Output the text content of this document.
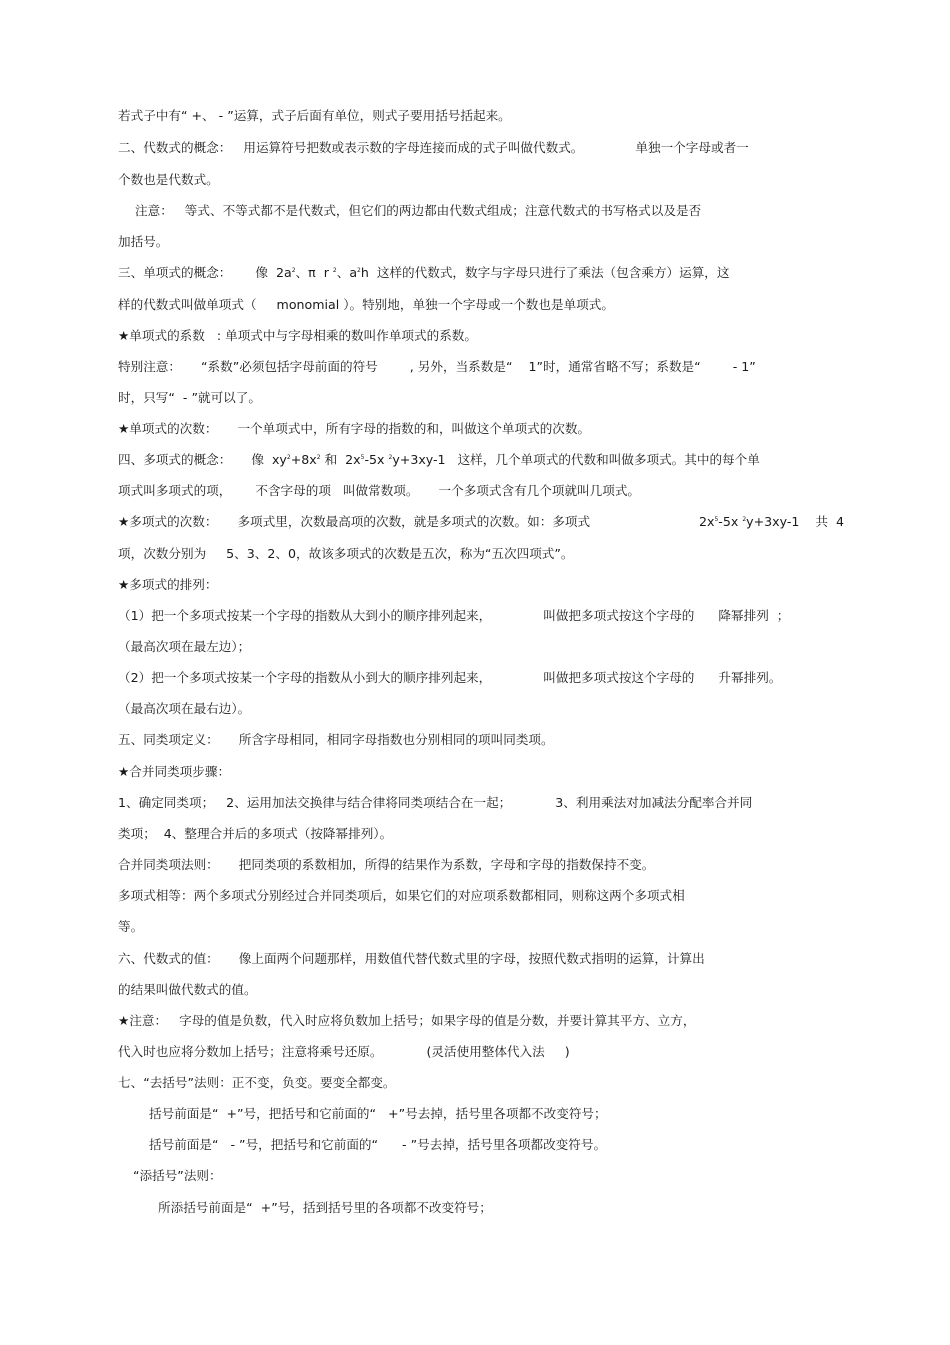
若式子中有“ +、 - ”运算，式子后面有单位，则式子要用括号括起来。
二、代数式的概念：   用运算符号把数或表示数的字母连接而成的式子叫做代数式。             单独一个字母或者一
个数也是代数式。
注意：   等式、不等式都不是代数式，但它们的两边都由代数式组成；注意代数式的书写格式以及是否
加括号。
三、单项式的概念：      像  $2a^2$、π  r $^2$、$a^2h$  这样的代数式，数字与字母只进行了乘法（包含乘方）运算，这
样的代数式叫做单项式（     monomial ）。特别地，单独一个字母或一个数也是单项式。
★单项式的系数   : 单项式中与字母相乘的数叫作单项式的系数。
特别注意：     “系数”必须包括字母前面的符号        , 另外，当系数是“    1”时，通常省略不写；系数是“        - 1”
时，只写“  - ”就可以了。
★单项式的次数：     一个单项式中，所有字母的指数的和，叫做这个单项式的次数。
四、多项式的概念：     像  $xy^2+8x^2$ 和  $2x^5-5x$ $^2$y+3xy-1   这样，几个单项式的代数和叫做多项式。其中的每个单
项式叫多项式的项，      不含字母的项   叫做常数项。     一个多项式含有几个项就叫几项式。
★多项式的次数：     多项式里，次数最高项的次数，就是多项式的次数。如：多项式	$2x^5-5x$ $^2$y+3xy-1    共  4
项，次数分别为     5、3、2、0，故该多项式的次数是五次，称为“五次四项式”。
★多项式的排列：
（1）把一个多项式按某一个字母的指数从大到小的顺序排列起来，             叫做把多项式按这个字母的      降幂排列  ；
（最高次项在最左边）；
（2）把一个多项式按某一个字母的指数从小到大的顺序排列起来，             叫做把多项式按这个字母的      升幂排列。
（最高次项在最右边）。
五、同类项定义：     所含字母相同，相同字母指数也分别相同的项叫同类项。
★合并同类项步骤：
1、确定同类项；   2、运用加法交换律与结合律将同类项结合在一起；           3、利用乘法对加减法分配率合并同
类项；  4、整理合并后的多项式（按降幂排列）。
合并同类项法则：     把同类项的系数相加，所得的结果作为系数，字母和字母的指数保持不变。
多项式相等：两个多项式分别经过合并同类项后，如果它们的对应项系数都相同，则称这两个多项式相
等。
六、代数式的值：     像上面两个问题那样，用数值代替代数式里的字母，按照代数式指明的运算，计算出
的结果叫做代数式的值。
★注意：   字母的值是负数，代入时应将负数加上括号；如果字母的值是分数，并要计算其平方、立方，
代入时也应将分数加上括号；注意将乘号还原。           (灵活使用整体代入法     )
七、“去括号”法则：正不变，负变。要变全都变。
括号前面是“  +”号，把括号和它前面的“   +”号去掉，括号里各项都不改变符号；
括号前面是“   - ”号，把括号和它前面的“      - ”号去掉，括号里各项都改变符号。
“添括号”法则：
所添括号前面是“  +”号，括到括号里的各项都不改变符号；
